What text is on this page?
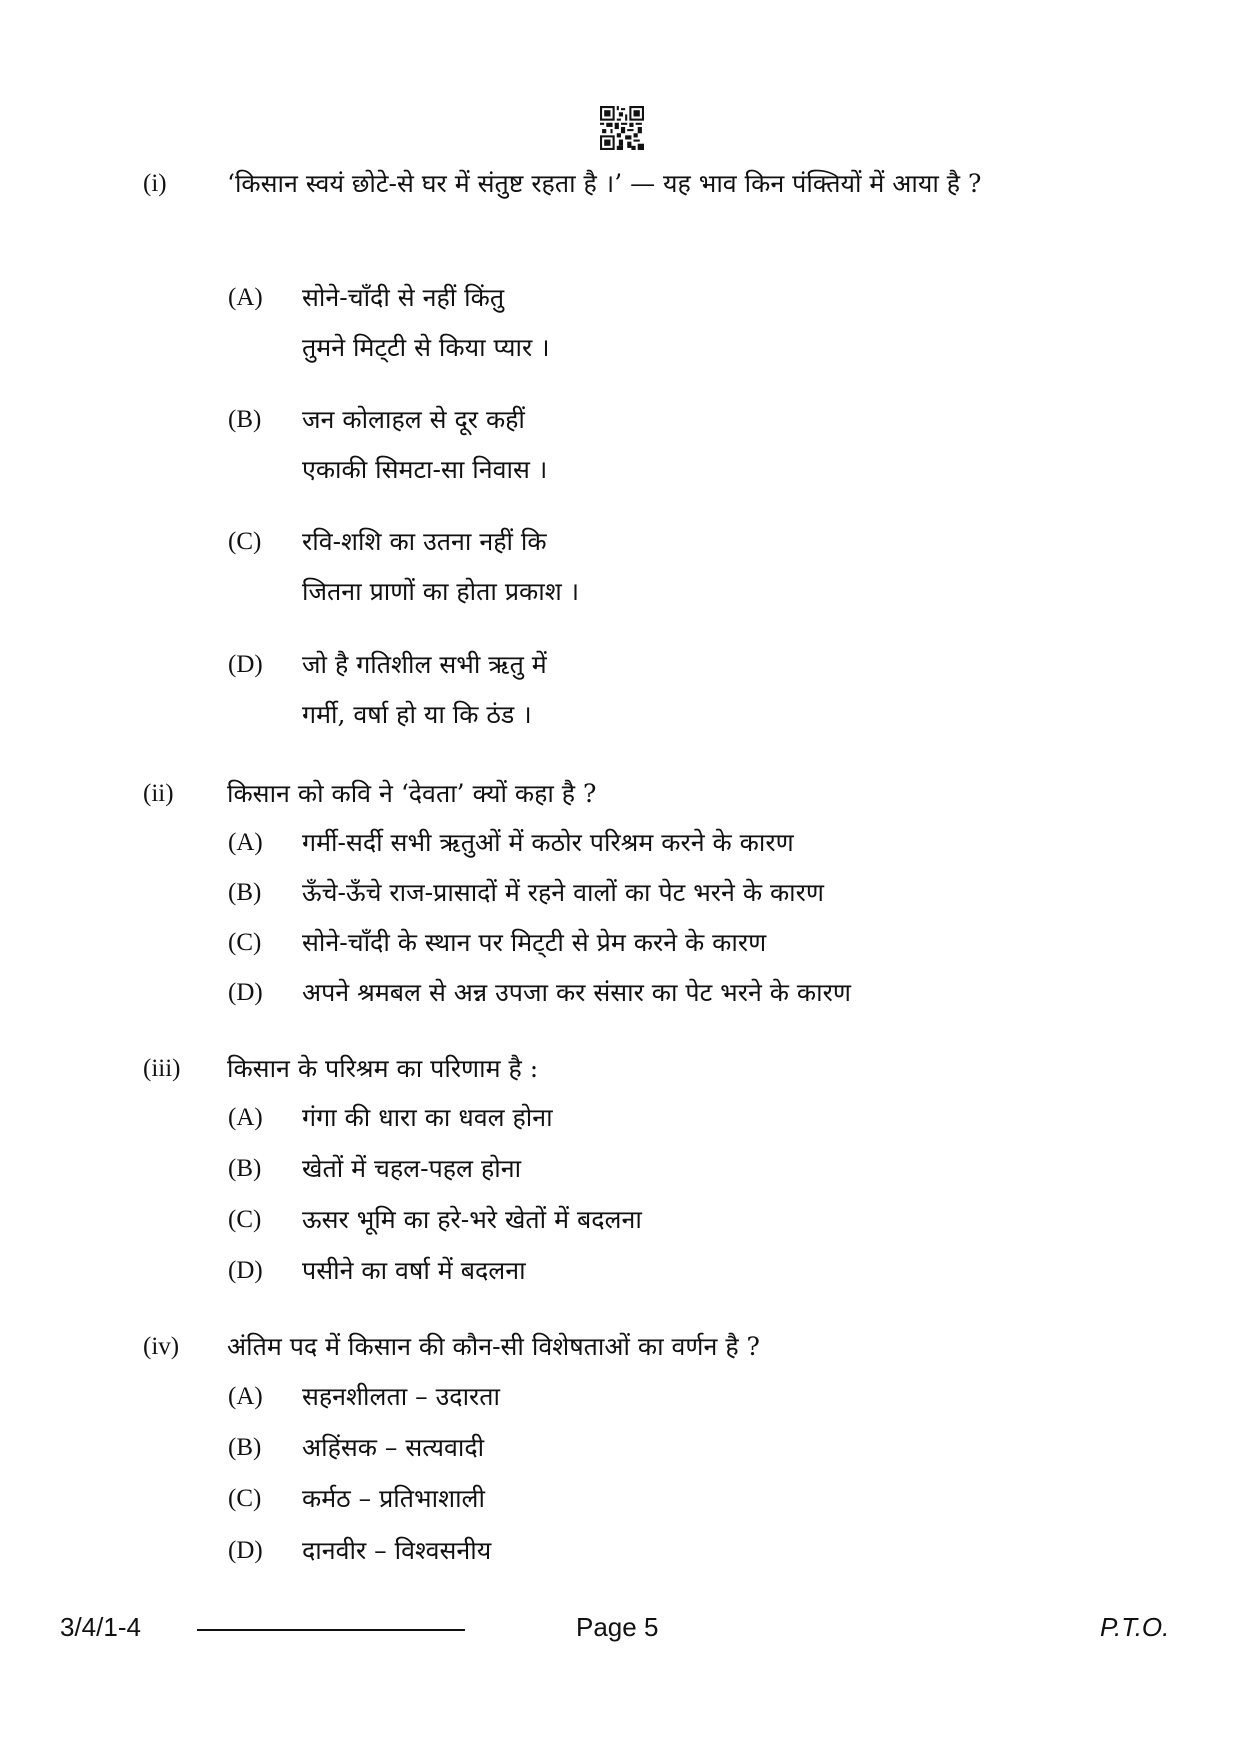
(i) ‘किसान स्वयं छोटे-से घर में संतुष्ट रहता है ।’ — यह भाव किन पंक्तियों में आया है ?
(A) सोने-चाँदी से नहीं किंतु
तुमने मिट्‌टी से किया प्यार ।
(B) जन कोलाहल से दूर कहीं
एकाकी सिमटा-सा निवास ।
(C) रवि-शशि का उतना नहीं कि
जितना प्राणों का होता प्रकाश ।
(D) जो है गतिशील सभी ऋतु में
गर्मी, वर्षा हो या कि ठंड ।
(ii) किसान को कवि ने ‘देवता’ क्यों कहा है ?
(A) गर्मी-सर्दी सभी ऋतुओं में कठोर परिश्रम करने के कारण
(B) ऊँचे-ऊँचे राज-प्रासादों में रहने वालों का पेट भरने के कारण
(C) सोने-चाँदी के स्थान पर मिट्‌टी से प्रेम करने के कारण
(D) अपने श्रमबल से अन्न उपजा कर संसार का पेट भरने के कारण
(iii) किसान के परिश्रम का परिणाम है :
(A) गंगा की धारा का धवल होना
(B) खेतों में चहल-पहल होना
(C) ऊसर भूमि का हरे-भरे खेतों में बदलना
(D) पसीने का वर्षा में बदलना
(iv) अंतिम पद में किसान की कौन-सी विशेषताओं का वर्णन है ?
(A) सहनशीलता – उदारता
(B) अहिंसक – सत्यवादी
(C) कर्मठ – प्रतिभाशाली
(D) दानवीर – विश्वसनीय
3/4/1-4	Page 5	P.T.O.
